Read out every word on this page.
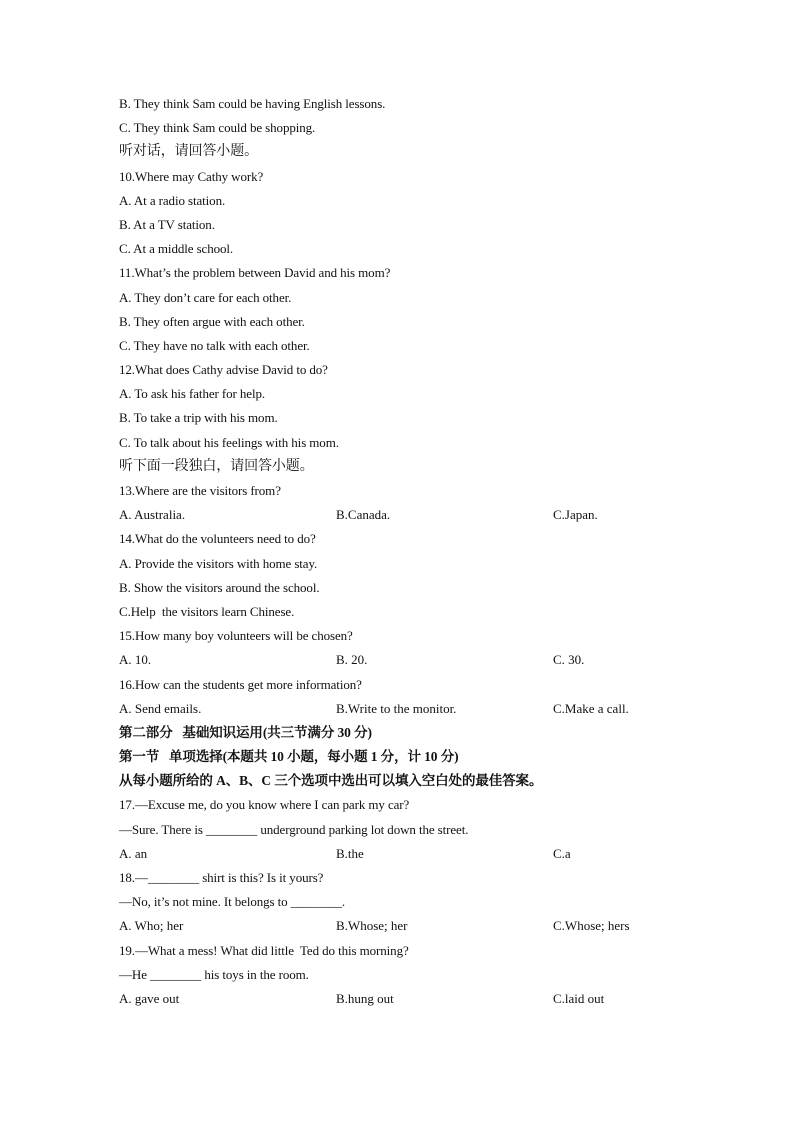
B. They think Sam could be having English lessons.
C. They think Sam could be shopping.
听对话，请回答小题。
10.Where may Cathy work?
A. At a radio station.
B. At a TV station.
C. At a middle school.
11.What’s the problem between David and his mom?
A. They don’t care for each other.
B. They often argue with each other.
C. They have no talk with each other.
12.What does Cathy advise David to do?
A. To ask his father for help.
B. To take a trip with his mom.
C. To talk about his feelings with his mom.
听下面一段独白，请回答小题。
13.Where are the visitors from?
A. Australia.	B.Canada.	C.Japan.
14.What do the volunteers need to do?
A. Provide the visitors with home stay.
B. Show the visitors around the school.
C.Help  the visitors learn Chinese.
15.How many boy volunteers will be chosen?
A. 10.	B. 20.	C. 30.
16.How can the students get more information?
A. Send emails.	B.Write to the monitor.	C.Make a call.
第二部分   基础知识运用(共三节满分 30 分)
第一节   单项选择(本题共 10 小题，每小题 1 分，计 10 分)
从每小题所给的 A、B、C 三个选项中选出可以填入空白处的最佳答案。
17.—Excuse me, do you know where I can park my car?
—Sure. There is ________ underground parking lot down the street.
A. an	B.the	C.a
18.—________ shirt is this? Is it yours?
—No, it’s not mine. It belongs to ________.
A. Who; her	B.Whose; her	C.Whose; hers
19.—What a mess! What did little  Ted do this morning?
—He ________ his toys in the room.
A. gave out	B.hung out	C.laid out
